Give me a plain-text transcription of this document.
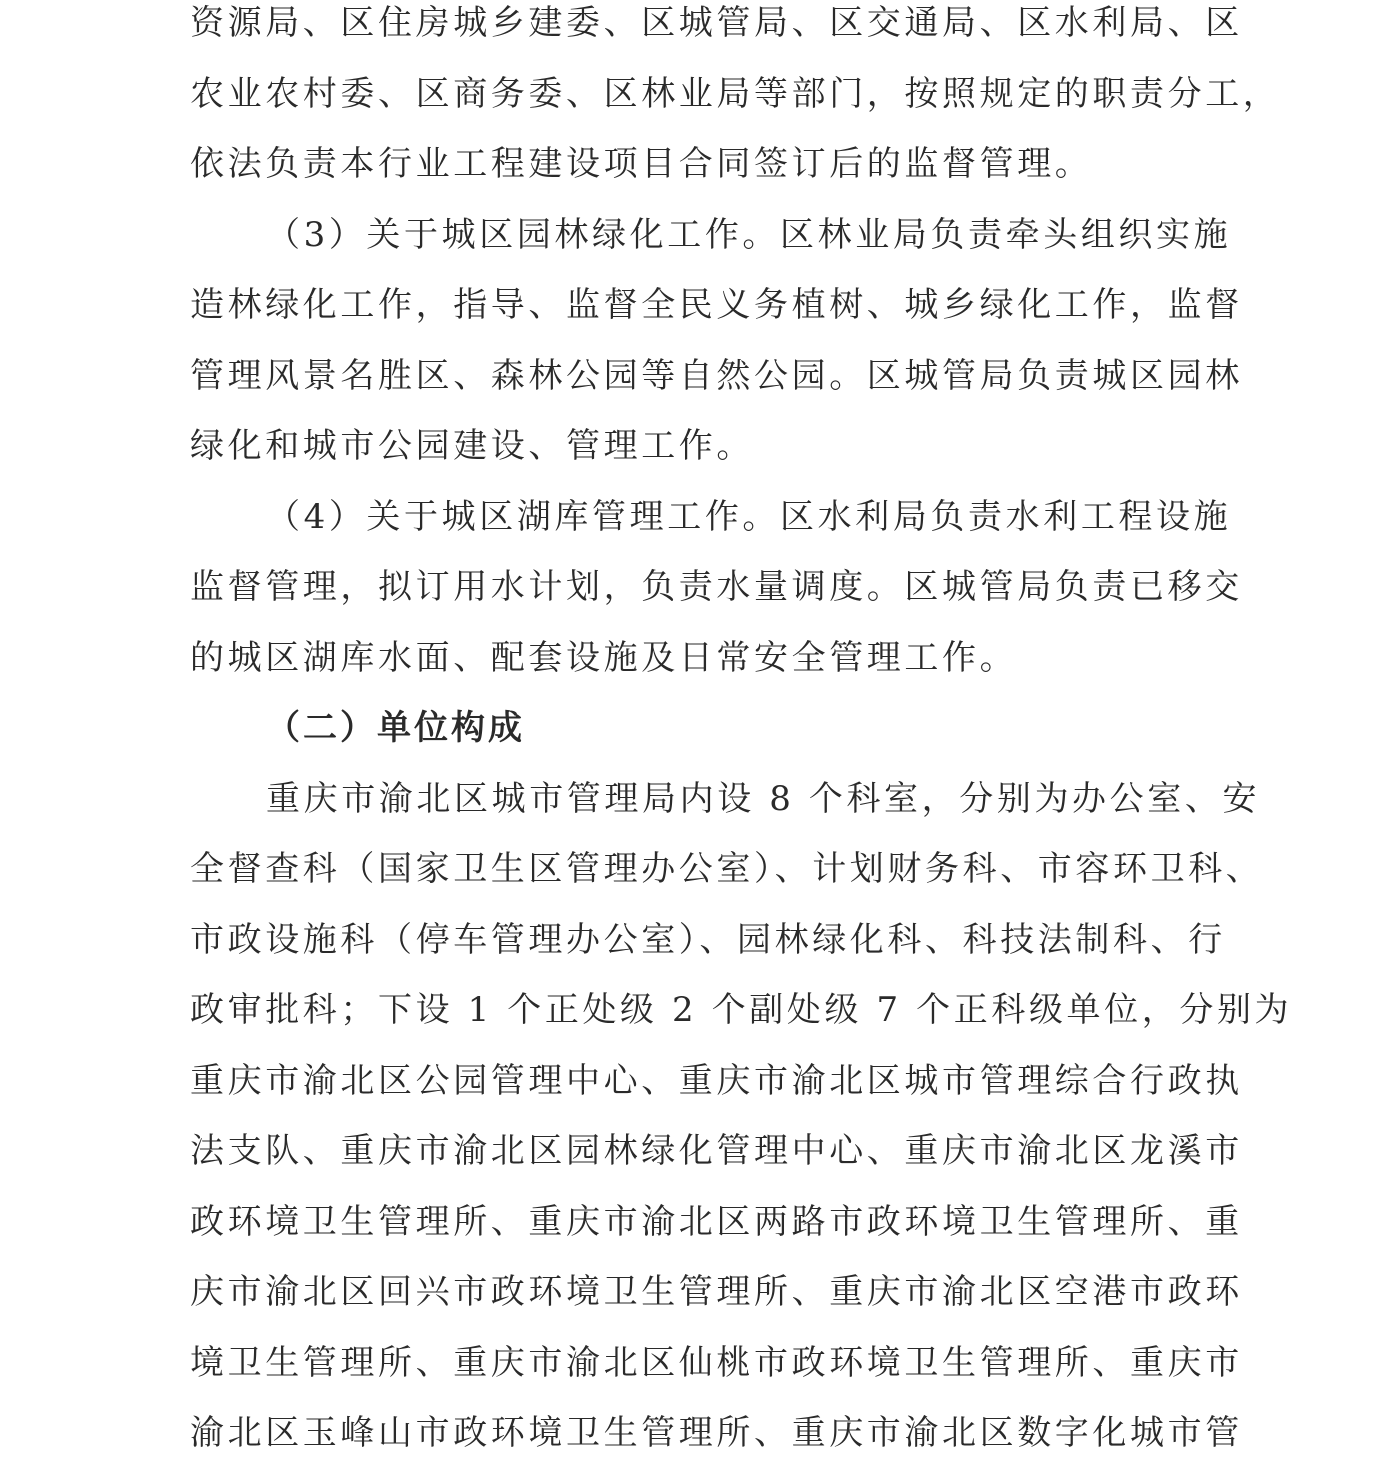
资源局、区住房城乡建委、区城管局、区交通局、区水利局、区
农业农村委、区商务委、区林业局等部门，按照规定的职责分工，
依法负责本行业工程建设项目合同签订后的监督管理。
（3）关于城区园林绿化工作。区林业局负责牵头组织实施
造林绿化工作，指导、监督全民义务植树、城乡绿化工作，监督
管理风景名胜区、森林公园等自然公园。区城管局负责城区园林
绿化和城市公园建设、管理工作。
（4）关于城区湖库管理工作。区水利局负责水利工程设施
监督管理，拟订用水计划，负责水量调度。区城管局负责已移交
的城区湖库水面、配套设施及日常安全管理工作。
（二）单位构成
重庆市渝北区城市管理局内设 8 个科室，分别为办公室、安
全督查科（国家卫生区管理办公室）、计划财务科、市容环卫科、
市政设施科（停车管理办公室）、园林绿化科、科技法制科、行
政审批科；下设 1 个正处级 2 个副处级 7 个正科级单位，分别为
重庆市渝北区公园管理中心、重庆市渝北区城市管理综合行政执
法支队、重庆市渝北区园林绿化管理中心、重庆市渝北区龙溪市
政环境卫生管理所、重庆市渝北区两路市政环境卫生管理所、重
庆市渝北区回兴市政环境卫生管理所、重庆市渝北区空港市政环
境卫生管理所、重庆市渝北区仙桃市政环境卫生管理所、重庆市
渝北区玉峰山市政环境卫生管理所、重庆市渝北区数字化城市管
